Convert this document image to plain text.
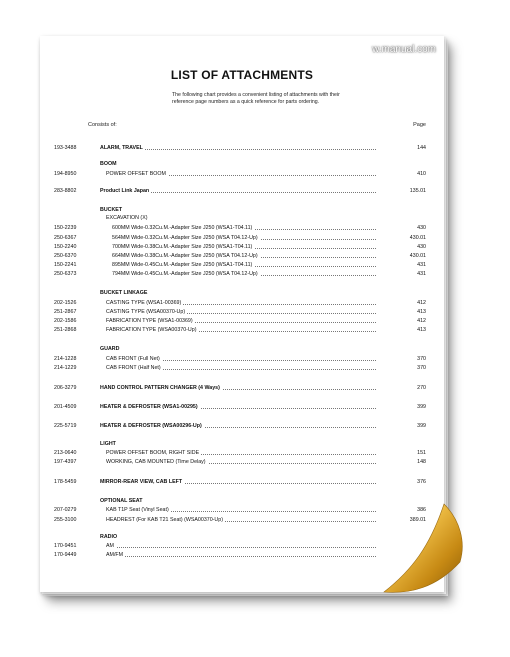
w.manual.com
LIST OF ATTACHMENTS
The following chart provides a convenient listing of attachments with their reference page numbers as a quick reference for parts ordering.
Consists of:	Page
193-3488	ALARM, TRAVEL	144
BOOM
194-8950	POWER OFFSET BOOM	410
283-8802	Product Link Japan	135.01
BUCKET
EXCAVATION (X)
150-2239	600MM Wide-0.32Cu.M.-Adapter Size J250 (WSA1-T04.11)	430
250-6367	564MM Wide-0.32Cu.M.-Adapter Size J250 (WSA T04.12-Up)	430.01
150-2240	700MM Wide-0.38Cu.M.-Adapter Size J250 (WSA1-T04.11)	430
250-6370	664MM Wide-0.38Cu.M.-Adapter Size J250 (WSA T04.12-Up)	430.01
150-2241	895MM Wide-0.45Cu.M.-Adapter Size J250 (WSA1-T04.11)	431
250-6373	794MM Wide-0.45Cu.M.-Adapter Size J250 (WSA T04.12-Up)	431
BUCKET LINKAGE
202-1526	CASTING TYPE (WSA1-00369)	412
251-2867	CASTING TYPE (WSA00370-Up)	413
202-1586	FABRICATION TYPE (WSA1-00369)	412
251-2868	FABRICATION TYPE (WSA00370-Up)	413
GUARD
214-1228	CAB FRONT (Full Net)	370
214-1229	CAB FRONT (Half Net)	370
206-3279	HAND CONTROL PATTERN CHANGER (4 Ways)	270
201-4509	HEATER & DEFROSTER (WSA1-00295)	399
225-5719	HEATER & DEFROSTER (WSA00296-Up)	399
LIGHT
213-0640	POWER OFFSET BOOM, RIGHT SIDE	151
197-4397	WORKING, CAB MOUNTED (Time Delay)	148
178-5459	MIRROR-REAR VIEW, CAB LEFT	376
OPTIONAL SEAT
207-0279	KAB T1P Seat (Vinyl Seat)	386
255-3100	HEADREST (For KAB T21 Seat) (WSA00370-Up)	389.01
RADIO
170-9451	AM
170-9449	AM/FM
